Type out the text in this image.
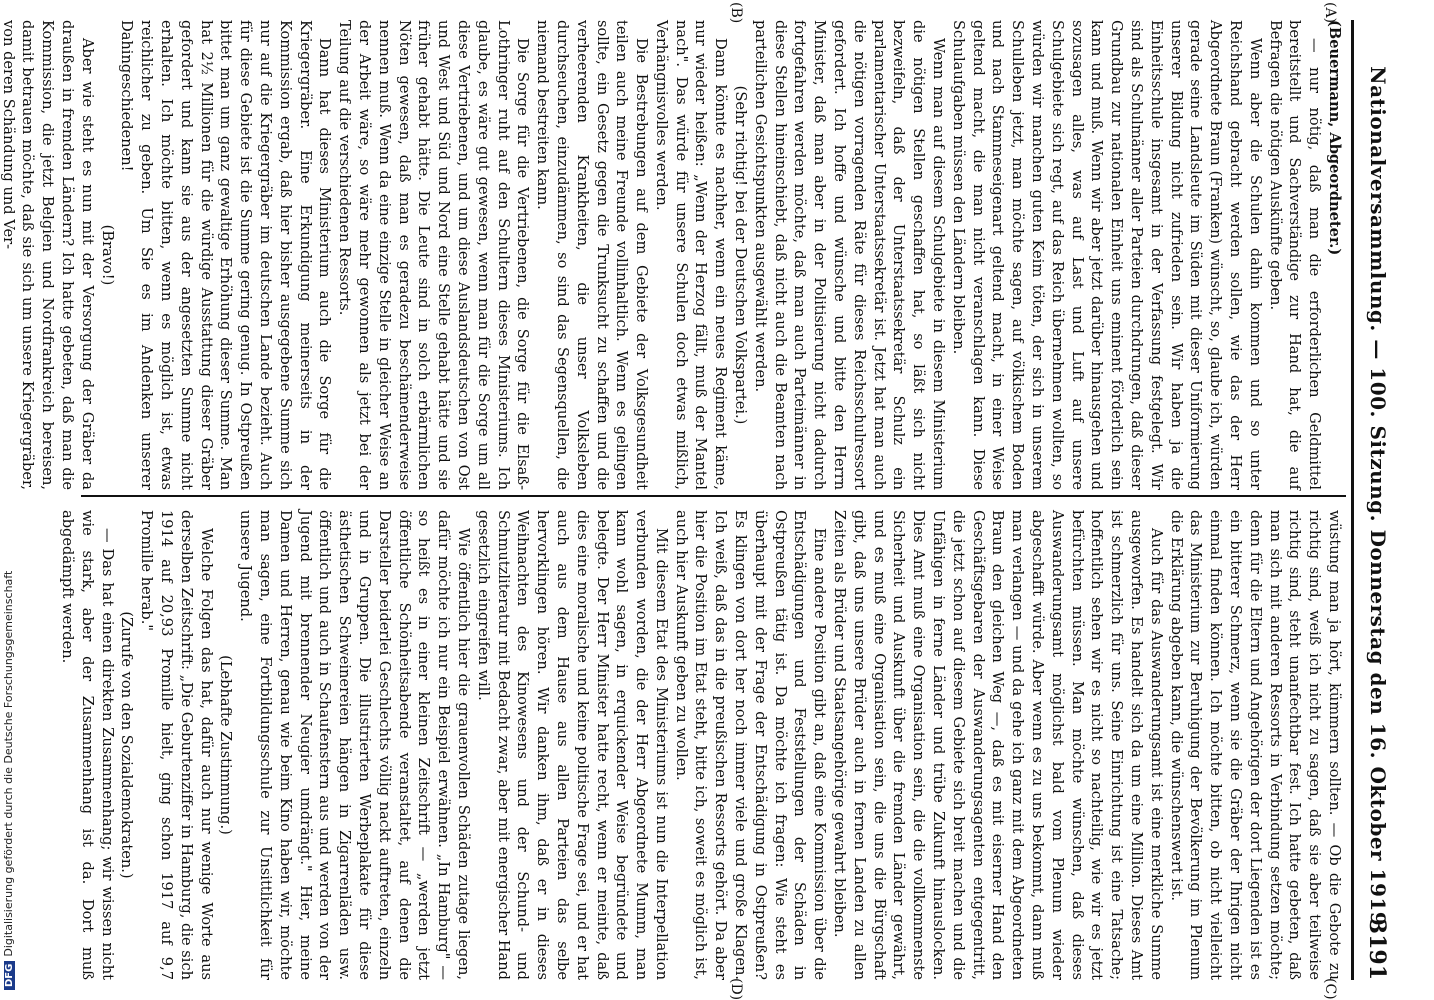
Nationalversammlung. — 100. Sitzung. Donnerstag den 16. Oktober 1919.
3191
(A)
(B)
(C)
(D)

(Beuermann, Abgeordneter.)

— nur nötig, daß man die erforderlichen Geldmittel bereitstellt und Sachverständige zur Hand hat, die auf Befragen die nötigen Auskünfte geben.

Wenn aber die Schulen dahin kommen und so unter Reichshand gebracht werden sollen, wie das der Herr Abgeordnete Braun (Franken) wünscht, so, glaube ich, würden gerade seine Landsleute im Süden mit dieser Uniformierung unserer Bildung nicht zufrieden sein. Wir haben ja die Einheitsschule insgesamt in der Verfassung festgelegt. Wir sind als Schulmänner aller Parteien durchdrungen, daß dieser Grundbau zur nationalen Einheit uns eminent förderlich sein kann und muß. Wenn wir aber jetzt darüber hinausgehen und sozusagen alles, was auf Last und Luft auf unsere Schulgebiete sich regt, auf das Reich übernehmen wollten, so würden wir manchen guten Keim töten, der sich in unserem Schulleben jetzt, man möchte sagen, auf völkischem Boden und nach Stammeseigenart geltend macht, in einer Weise geltend macht, die man nicht veranschlagen kann. Diese Schulaufgaben müssen den Ländern bleiben.

Wenn man auf diesem Schulgebiete in diesem Ministerium die nötigen Stellen geschaffen hat, so läßt sich nicht bezweifeln, daß der Unterstaatssekretär Schulz ein parlamentarischer Unterstaatssekretär ist. Jetzt hat man auch die nötigen vorragenden Räte für dieses Reichsschulressort gefordert. Ich hoffe und wünsche und bitte den Herrn Minister, daß man aber in der Politisierung nicht dadurch fortgefahren werden möchte, daß man auch Parteimänner in diese Stellen hineinschiebt, daß nicht auch die Beamten nach parteilichen Gesichtspunkten ausgewählt werden.

(Sehr richtig! bei der Deutschen Volkspartei.)

Dann könnte es nachher, wenn ein neues Regiment käme, nur wieder heißen: „Wenn der Herzog fällt, muß der Mantel nach". Das würde für unsere Schulen doch etwas mißlich, Verhängnisvolles werden.

Die Bestrebungen auf dem Gebiete der Volksgesundheit teilen auch meine Freunde vollinhaltlich. Wenn es gelingen sollte, ein Gesetz gegen die Trunksucht zu schaffen und die verheerenden Krankheiten, die unser Volksleben durchseuchen, einzudämmen, so sind das Segensquellen, die niemand bestreiten kann.

Die Sorge für die Vertriebenen, die Sorge für die Elsaß-Lothringer ruht auf den Schultern dieses Ministeriums. Ich glaube, es wäre gut gewesen, wenn man für die Sorge um all diese Vertriebenen, und um diese Auslandsdeutschen von Ost und West und Süd und Nord eine Stelle gehabt hätte und sie früher gehabt hätte. Die Leute sind in solch erbärmlichen Nöten gewesen, daß man es geradezu beschämenderweise nennen muß. Wenn da eine einzige Stelle in gleicher Weise an der Arbeit wäre, so wäre mehr gewonnen als jetzt bei der Teilung auf die verschiedenen Ressorts.

Dann hat dieses Ministerium auch die Sorge für die Kriegergräber. Eine Erkundigung meinerseits in der Kommission ergab, daß hier bisher ausgegebene Summe sich nur auf die Kriegergräber im deutschen Lande bezieht. Auch für diese Gebiete ist die Summe gering genug. In Ostpreußen bittet man um ganz gewaltige Erhöhung dieser Summe. Man hat 2½ Millionen für die würdige Ausstattung dieser Gräber gefordert und kann sie aus der angesetzten Summe nicht erhalten. Ich möchte bitten, wenn es möglich ist, etwas reichlicher zu geben. Um Sie es im Andenken unserer Dahingeschiedenen!

(Bravo!)

Aber wie steht es nun mit der Versorgung der Gräber da draußen in fremden Ländern? Ich hatte gebeten, daß man die Kommission, die jetzt Belgien und Nordfrankreich bereisen, damit betrauen möchte, daß sie sich um unsere Kriegergräber, von deren Schändung und Ver-

wüstung man ja hört, kümmern sollten. — Ob die Gebote zu richtig sind, weiß ich nicht zu sagen, daß sie aber teilweise richtig sind, steht unanfechtbar fest. Ich hatte gebeten, daß man sich mit anderen Ressorts in Verbindung setzen möchte; denn für die Eltern und Angehörigen der dort Liegenden ist es ein bitterer Schmerz, wenn sie die Gräber der Ihrigen nicht einmal finden können. Ich möchte bitten, ob nicht vielleicht das Ministerium zur Beruhigung der Bevölkerung im Plenum die Erklärung abgeben kann, die wünschenswert ist.

Auch für das Auswanderungsamt ist eine merkliche Summe ausgeworfen. Es handelt sich da um eine Million. Dieses Amt ist schmerzlich für uns. Seine Einrichtung ist eine Tatsache; hoffentlich sehen wir es nicht so nachteilig, wie wir es jetzt befürchten müssen. Man möchte wünschen, daß dieses Auswanderungsamt möglichst bald vom Plenum wieder abgeschafft würde. Aber wenn es zu uns bekommt, dann muß man verlangen — und da gehe ich ganz mit dem Abgeordneten Braun den gleichen Weg —, daß es mit eiserner Hand den Geschäftsgebaren der Auswanderungsagenten entgegentritt, die jetzt schon auf diesem Gebiete sich breit machen und die Unfähigen in ferne Länder und trübe Zukunft hinauslocken. Dies Amt muß eine Organisation sein, die die vollkommenste Sicherheit und Auskunft über die fremden Länder gewährt, und es muß eine Organisation sein, die uns die Bürgschaft gibt, daß uns unsere Brüder auch in fernen Landen zu allen Zeiten als Brüder und Staatsangehörige gewahrt bleiben.

Eine andere Position gibt an, daß eine Kommission über die Entschädigungen und Feststellungen der Schäden in Ostpreußen tätig ist. Da möchte ich fragen: Wie steht es überhaupt mit der Frage der Entschädigung in Ostpreußen? Es klingen von dort her noch immer viele und große Klagen. Ich weiß, daß das in die preußischen Ressorts gehört. Da aber hier die Position im Etat steht, bitte ich, soweit es möglich ist, auch hier Auskunft geben zu wollen.

Mit diesem Etat des Ministeriums ist nun die Interpellation verbunden worden, die der Herr Abgeordnete Mumm, man kann wohl sagen, in erquickender Weise begründete und belegte. Der Herr Minister hatte recht, wenn er meinte, daß dies eine moralische und keine politische Frage sei, und er hat auch aus dem Hause aus allen Parteien das selbe hervorklingen hören. Wir danken ihm, daß er in dieses Weihnachten des Kinowesens und der Schund- und Schmutzliteratur mit Bedacht zwar, aber mit energischer Hand gesetzlich eingreifen will.

Wie öffentlich hier die grauenvollen Schäden zutage liegen, dafür möchte ich nur ein Beispiel erwähnen. „In Hamburg" — so heißt es in einer kleinen Zeitschrift — „werden jetzt öffentliche Schönheitsabende veranstaltet, auf denen die Darsteller beiderlei Geschlechts völlig nackt auftreten, einzeln und in Gruppen. Die illustrierten Werbeplakate für diese ästhetischen Schweinereien hängen in Zigarrenläden usw. öffentlich und auch in Schaufenstern aus und werden von der Jugend mit brennender Neugier umdrängt." Hier, meine Damen und Herren, genau wie beim Kino haben wir, möchte man sagen, eine Fortbildungsschule zur Unsittlichkeit für unsere Jugend.

(Lebhafte Zustimmung.)

Welche Folgen das hat, dafür auch nur wenige Worte aus derselben Zeitschrift: „Die Geburtenziffer in Hamburg, die sich 1914 auf 20,93 Promille hielt, ging schon 1917 auf 9,7 Promille herab."

(Zurufe von den Sozialdemokraten.)

— Das hat einen direkten Zusammenhang; wir wissen nicht wie stark, aber der Zusammenhang ist da. Dort muß abgedämpft werden.

DFGDigitalisierung gefördert durch die Deutsche Forschungsgemeinschaft
